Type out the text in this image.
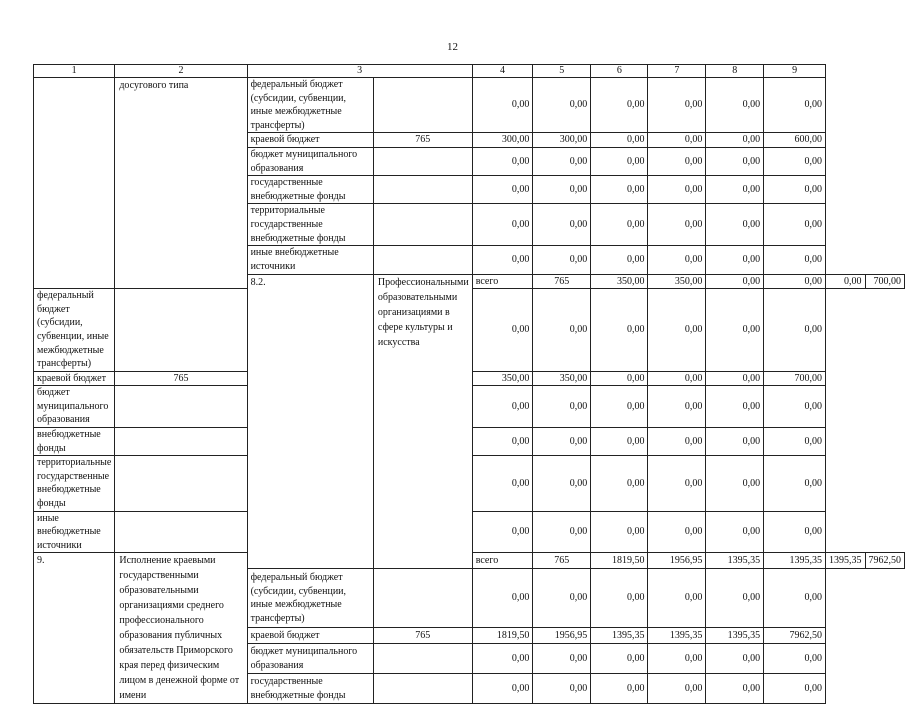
12
1	2	3		4	5	6	7	8	9		
	досугового типа	федеральный бюджет (субсидии, субвенции, иные межбюджетные трансферты)		0,00	0,00	0,00	0,00	0,00	0,00		
		краевой бюджет	765	300,00	300,00	0,00	0,00	0,00	600,00		
		бюджет муниципального образования		0,00	0,00	0,00	0,00	0,00	0,00		
		государственные внебюджетные фонды		0,00	0,00	0,00	0,00	0,00	0,00		
		территориальные государственные внебюджетные фонды		0,00	0,00	0,00	0,00	0,00	0,00		
		иные внебюджетные источники		0,00	0,00	0,00	0,00	0,00	0,00		
		8.2.	Профессиональными образовательными организациями в сфере культуры и искусства	всего	765	350,00	350,00	0,00	0,00	0,00	700,00
федеральный бюджет (субсидии, субвенции, иные межбюджетные трансферты)				0,00	0,00	0,00	0,00	0,00	0,00		
краевой бюджет	765			350,00	350,00	0,00	0,00	0,00	700,00		
бюджет муниципального образования				0,00	0,00	0,00	0,00	0,00	0,00		
внебюджетные фонды				0,00	0,00	0,00	0,00	0,00	0,00		
территориальные государственные внебюджетные фонды				0,00	0,00	0,00	0,00	0,00	0,00		
иные внебюджетные источники				0,00	0,00	0,00	0,00	0,00	0,00		
9.	Исполнение краевыми государственными образовательными организациями среднего профессионального образования публичных обязательств Приморского края перед физическим лицом в денежной форме от имени			всего	765	1819,50	1956,95	1395,35	1395,35	1395,35	7962,50
		федеральный бюджет (субсидии, субвенции, иные межбюджетные трансферты)		0,00	0,00	0,00	0,00	0,00	0,00		
		краевой бюджет	765	1819,50	1956,95	1395,35	1395,35	1395,35	7962,50		
		бюджет муниципального образования		0,00	0,00	0,00	0,00	0,00	0,00		
		государственные внебюджетные фонды		0,00	0,00	0,00	0,00	0,00	0,00		
